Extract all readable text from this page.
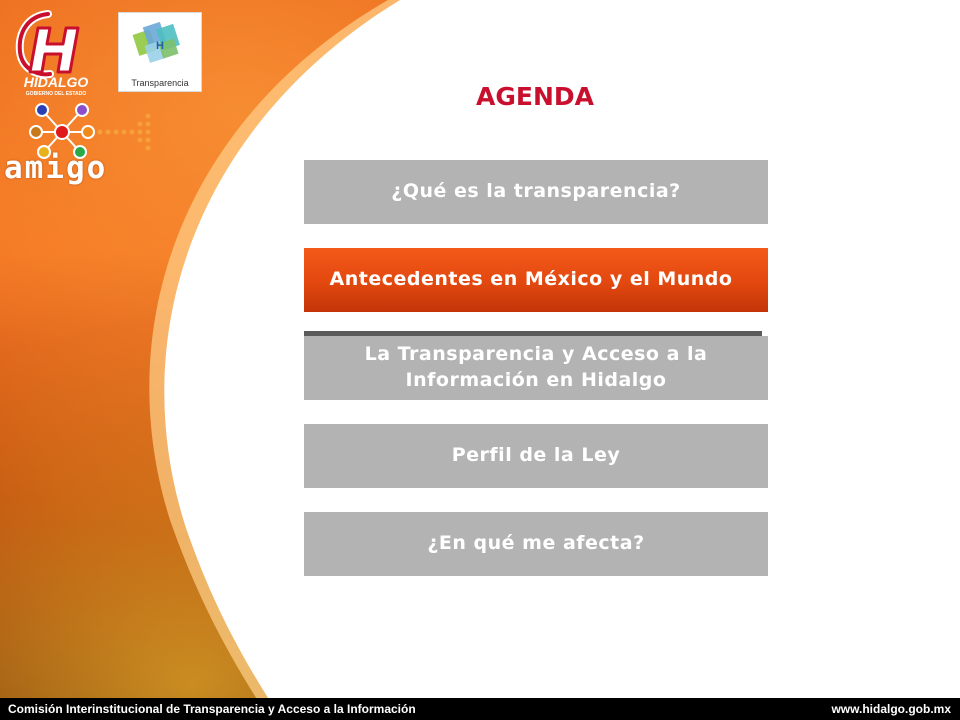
HIDALGO
GOBIERNO DEL ESTADO
H
Transparencia
amigo
AGENDA
¿Qué es la transparencia?
Antecedentes en México y el Mundo
La Transparencia y Acceso a la Información en Hidalgo
Perfil de la Ley
¿En qué me afecta?
Comisión Interinstitucional de Transparencia y Acceso a la Información	www.hidalgo.gob.mx
